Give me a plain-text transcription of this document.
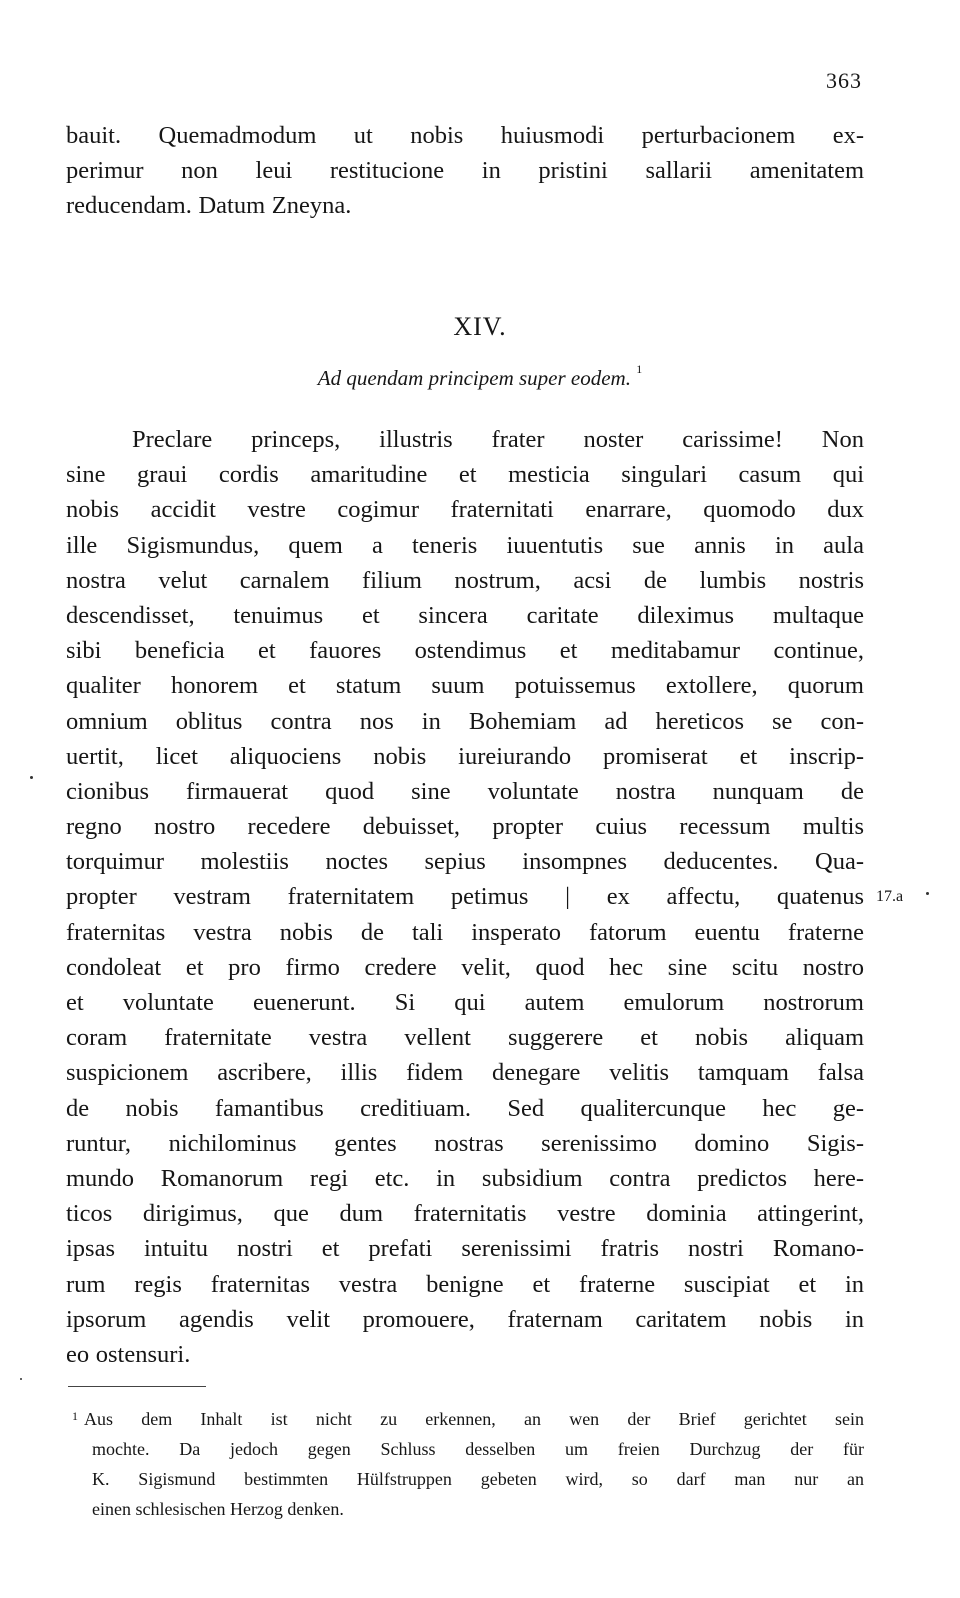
363
bauit. Quemadmodum ut nobis huiusmodi perturbacionem ex-
perimur non leui restitucione in pristini sallarii amenitatem
reducendam. Datum Zneyna.
XIV.
Ad quendam principem super eodem. $^1$
Preclare princeps, illustris frater noster carissime! Non
sine graui cordis amaritudine et mesticia singulari casum qui
nobis accidit vestre cogimur fraternitati enarrare, quomodo dux
ille Sigismundus, quem a teneris iuuentutis sue annis in aula
nostra velut carnalem filium nostrum, acsi de lumbis nostris
descendisset, tenuimus et sincera caritate dileximus multaque
sibi beneficia et fauores ostendimus et meditabamur continue,
qualiter honorem et statum suum potuissemus extollere, quorum
omnium oblitus contra nos in Bohemiam ad hereticos se con-
uertit, licet aliquociens nobis iureiurando promiserat et inscrip-
cionibus firmauerat quod sine voluntate nostra nunquam de
regno nostro recedere debuisset, propter cuius recessum multis
torquimur molestiis noctes sepius insompnes deducentes. Qua-
propter vestram fraternitatem petimus | ex affectu, quatenus
fraternitas vestra nobis de tali insperato fatorum euentu fraterne
condoleat et pro firmo credere velit, quod hec sine scitu nostro
et voluntate euenerunt. Si qui autem emulorum nostrorum
coram fraternitate vestra vellent suggerere et nobis aliquam
suspicionem ascribere, illis fidem denegare velitis tamquam falsa
de nobis famantibus creditiuam. Sed qualitercunque hec ge-
runtur, nichilominus gentes nostras serenissimo domino Sigis-
mundo Romanorum regi etc. in subsidium contra predictos here-
ticos dirigimus, que dum fraternitatis vestre dominia attingerint,
ipsas intuitu nostri et prefati serenissimi fratris nostri Romano-
rum regis fraternitas vestra benigne et fraterne suscipiat et in
ipsorum agendis velit promouere, fraternam caritatem nobis in
eo ostensuri.
17.a
$^1$ Aus dem Inhalt ist nicht zu erkennen, an wen der Brief gerichtet sein
mochte. Da jedoch gegen Schluss desselben um freien Durchzug der für
K. Sigismund bestimmten Hülfstruppen gebeten wird, so darf man nur an
einen schlesischen Herzog denken.
